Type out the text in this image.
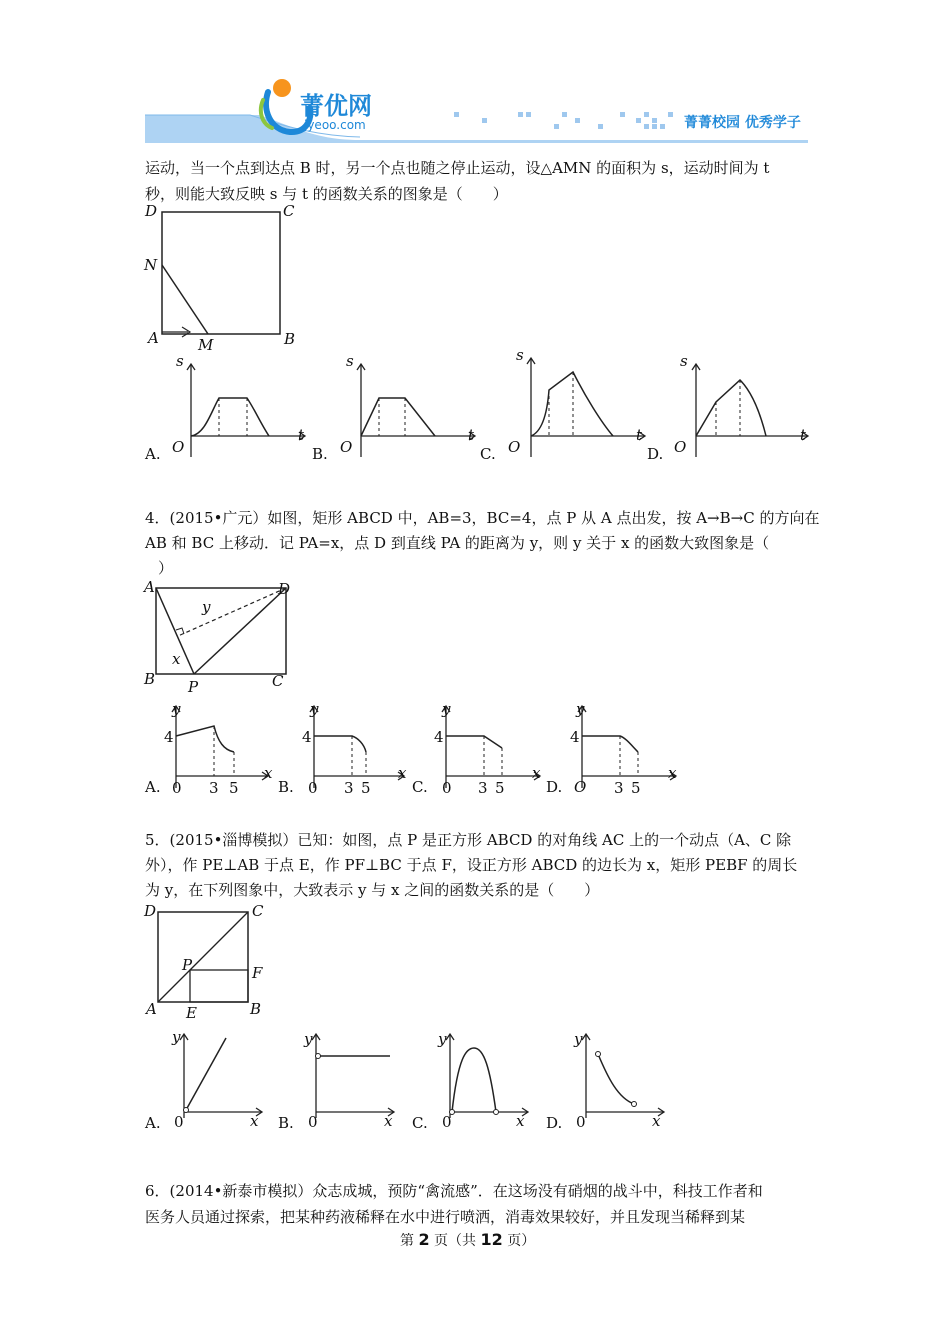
菁优网
jyeoo.com	菁菁校园 优秀学子
运动，当一个点到达点 B 时，另一个点也随之停止运动，设△AMN 的面积为 s，运动时间为 t
秒，则能大致反映 s 与 t 的函数关系的图象是（　　）
D	C
N
A	M	B
s
t
O
A.
s
t
O
B.
s
t
O
C.
s
t
O
D.
4．(2015•广元）如图，矩形 ABCD 中，AB=3，BC=4，点 P 从 A 点出发，按 A→B→C 的方向在
AB 和 BC 上移动．记 PA=x，点 D 到直线 PA 的距离为 y，则 y 关于 x 的函数大致图象是（
）
A	D
y
x
B P	C
y
x
4
0 3 5
A.
y
x
4
0 3 5
B.
y
x
4
0 3 5
C.
y
x
4
O 3 5
D.
5．(2015•淄博模拟）已知：如图，点 P 是正方形 ABCD 的对角线 AC 上的一个动点（A、C 除
外），作 PE⊥AB 于点 E，作 PF⊥BC 于点 F，设正方形 ABCD 的边长为 x，矩形 PEBF 的周长
为 y，在下列图象中，大致表示 y 与 x 之间的函数关系的是（　　）
D	C
P	F
A E	B
y
x
0
A.
y
x
0
B.
y
x
0
C.
y
x
0
D.
6．(2014•新泰市模拟）众志成城，预防“禽流感”．在这场没有硝烟的战斗中，科技工作者和
医务人员通过探索，把某种药液稀释在水中进行喷洒，消毒效果较好，并且发现当稀释到某
第 2 页（共 12 页）
